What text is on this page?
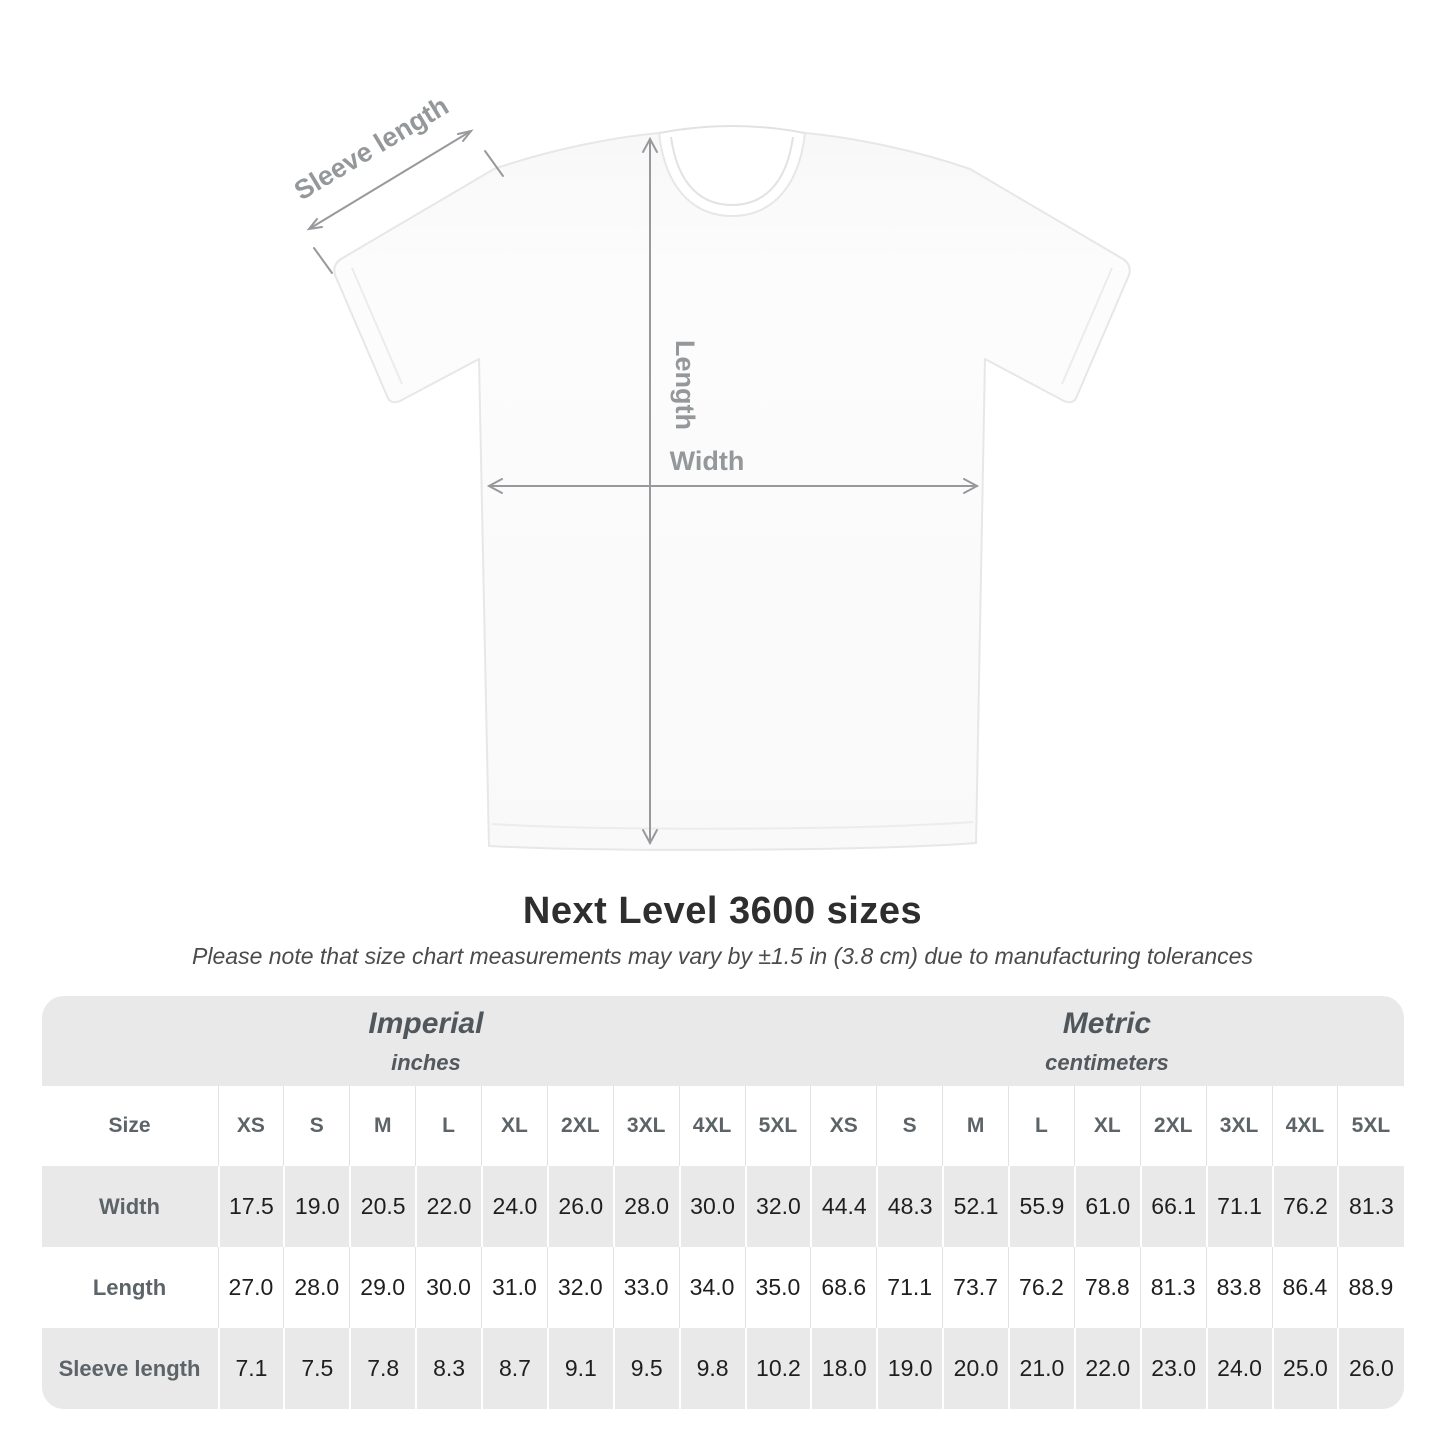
Length
Width
Sleeve length
Next Level 3600 sizes

Please note that size chart measurements may vary by ±1.5 in (3.8 cm) due to manufacturing tolerances

Imperial
inches

Metric
centimeters

Size	XS	S	M	L	XL	2XL	3XL	4XL	5XL	XS	S	M	L	XL	2XL	3XL	4XL	5XL
Width	17.5	19.0	20.5	22.0	24.0	26.0	28.0	30.0	32.0	44.4	48.3	52.1	55.9	61.0	66.1	71.1	76.2	81.3
Length	27.0	28.0	29.0	30.0	31.0	32.0	33.0	34.0	35.0	68.6	71.1	73.7	76.2	78.8	81.3	83.8	86.4	88.9
Sleeve length	7.1	7.5	7.8	8.3	8.7	9.1	9.5	9.8	10.2	18.0	19.0	20.0	21.0	22.0	23.0	24.0	25.0	26.0
